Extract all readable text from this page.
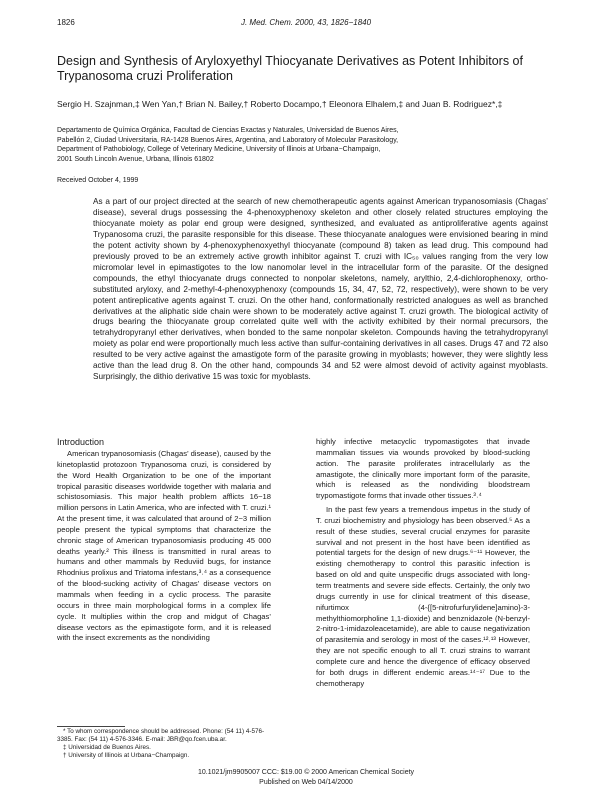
1826	J. Med. Chem. 2000, 43, 1826−1840
Design and Synthesis of Aryloxyethyl Thiocyanate Derivatives as Potent Inhibitors of Trypanosoma cruzi Proliferation
Sergio H. Szajnman,‡ Wen Yan,† Brian N. Bailey,† Roberto Docampo,† Eleonora Elhalem,‡ and Juan B. Rodriguez*,‡
Departamento de Química Orgánica, Facultad de Ciencias Exactas y Naturales, Universidad de Buenos Aires,
Pabellón 2, Ciudad Universitaria, RA-1428 Buenos Aires, Argentina, and Laboratory of Molecular Parasitology,
Department of Pathobiology, College of Veterinary Medicine, University of Illinois at Urbana−Champaign,
2001 South Lincoln Avenue, Urbana, Illinois 61802
Received October 4, 1999

As a part of our project directed at the search of new chemotherapeutic agents against American trypanosomiasis (Chagas’ disease), several drugs possessing the 4-phenoxyphenoxy skeleton and other closely related structures employing the thiocyanate moiety as polar end group were designed, synthesized, and evaluated as antiproliferative agents against Trypanosoma cruzi, the parasite responsible for this disease. These thiocyanate analogues were envisioned bearing in mind the potent activity shown by 4-phenoxyphenoxyethyl thiocyanate (compound 8) taken as lead drug. This compound had previously proved to be an extremely active growth inhibitor against T. cruzi with IC₅₀ values ranging from the very low micromolar level in epimastigotes to the low nanomolar level in the intracellular form of the parasite. Of the designed compounds, the ethyl thiocyanate drugs connected to nonpolar skeletons, namely, arylthio, 2,4-dichlorophenoxy, ortho-substituted aryloxy, and 2-methyl-4-phenoxyphenoxy (compounds 15, 34, 47, 52, 72, respectively), were shown to be very potent antireplicative agents against T. cruzi. On the other hand, conformationally restricted analogues as well as branched derivatives at the aliphatic side chain were shown to be moderately active against T. cruzi growth. The biological activity of drugs bearing the thiocyanate group correlated quite well with the activity exhibited by their normal precursors, the tetrahydropyranyl ether derivatives, when bonded to the same nonpolar skeleton. Compounds having the tetrahydropyranyl moiety as polar end were proportionally much less active than sulfur-containing derivatives in all cases. Drugs 47 and 72 also resulted to be very active against the amastigote form of the parasite growing in myoblasts; however, they were slightly less active than the lead drug 8. On the other hand, compounds 34 and 52 were almost devoid of activity against myoblasts. Surprisingly, the dithio derivative 15 was toxic for myoblasts.

Introduction

American trypanosomiasis (Chagas’ disease), caused by the kinetoplastid protozoon Trypanosoma cruzi, is considered by the Word Health Organization to be one of the important tropical parasitic diseases worldwide together with malaria and schistosomiasis. This major health problem afflicts 16−18 million persons in Latin America, who are infected with T. cruzi.¹ At the present time, it was calculated that around of 2−3 million people present the typical symptoms that characterize the chronic stage of American trypanosomiasis producing 45 000 deaths yearly.² This illness is transmitted in rural areas to humans and other mammals by Reduviid bugs, for instance Rhodnius prolixus and Triatoma infestans,³˒⁴ as a consequence of the blood-sucking activity of Chagas’ disease vectors on mammals when feeding in a cyclic process. The parasite occurs in three main morphological forms in a complex life cycle. It multiplies within the crop and midgut of Chagas’ disease vectors as the epimastigote form, and it is released with the insect excrements as the nondividing

highly infective metacyclic trypomastigotes that invade mammalian tissues via wounds provoked by blood-sucking action. The parasite proliferates intracellularly as the amastigote, the clinically more important form of the parasite, which is released as the nondividing bloodstream trypomastigote forms that invade other tissues.³˒⁴

In the past few years a tremendous impetus in the study of T. cruzi biochemistry and physiology has been observed.⁵ As a result of these studies, several crucial enzymes for parasite survival and not present in the host have been identified as potential targets for the design of new drugs.⁶⁻¹¹ However, the existing chemotherapy to control this parasitic infection is based on old and quite unspecific drugs associated with long-term treatments and severe side effects. Certainly, the only two drugs currently in use for clinical treatment of this disease, nifurtimox (4-{[5-nitrofurfurylidene]amino}-3-methylthiomorpholine 1,1-dioxide) and benznidazole (N-benzyl-2-nitro-1-imidazoleacetamide), are able to cause negativization of parasitemia and serology in most of the cases.¹²˒¹³ However, they are not specific enough to all T. cruzi strains to warrant complete cure and hence the divergence of efficacy observed for both drugs in different endemic areas.¹⁴⁻¹⁷ Due to the chemotherapy

* To whom correspondence should be addressed. Phone: (54 11) 4-576-3385. Fax: (54 11) 4-576-3346. E-mail: JBR@qo.fcen.uba.ar.
‡ Universidad de Buenos Aires.
† University of Illinois at Urbana−Champaign.
10.1021/jm9905007 CCC: $19.00 © 2000 American Chemical Society
Published on Web 04/14/2000
